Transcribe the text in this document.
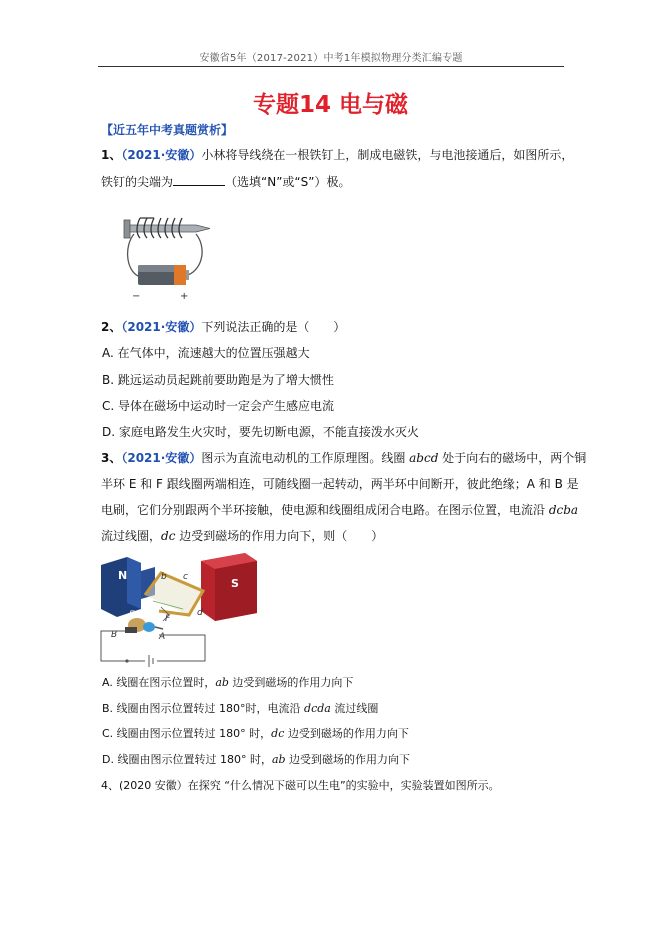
安徽省5年（2017-2021）中考1年模拟物理分类汇编专题
专题14 电与磁
【近五年中考真题赏析】
1、（2021·安徽）小林将导线绕在一根铁钉上，制成电磁铁，与电池接通后，如图所示，
铁钉的尖端为	（选填“N”或“S”）极。
−	+
2、（2021·安徽）下列说法正确的是（　　）
A. 在气体中，流速越大的位置压强越大
B. 跳远运动员起跳前要助跑是为了增大惯性
C. 导体在磁场中运动时一定会产生感应电流
D. 家庭电路发生火灾时，要先切断电源，不能直接泼水灭火
3、（2021·安徽）图示为直流电动机的工作原理图。线圈 abcd 处于向右的磁场中，两个铜
半环 E 和 F 跟线圈两端相连，可随线圈一起转动，两半环中间断开，彼此绝缘；A 和 B 是
电刷，它们分别跟两个半环接触，使电源和线圈组成闭合电路。在图示位置，电流沿 dcba
流过线圈，dc 边受到磁场的作用力向下，则（　　）
N
S
a
b c
d
E	F
B	A
A. 线圈在图示位置时，ab 边受到磁场的作用力向下
B. 线圈由图示位置转过 180°时，电流沿 dcda 流过线圈
C. 线圈由图示位置转过 180° 时，dc 边受到磁场的作用力向下
D. 线圈由图示位置转过 180° 时，ab 边受到磁场的作用力向下
4、(2020 安徽）在探究 “什么情况下磁可以生电”的实验中，实验装置如图所示。
